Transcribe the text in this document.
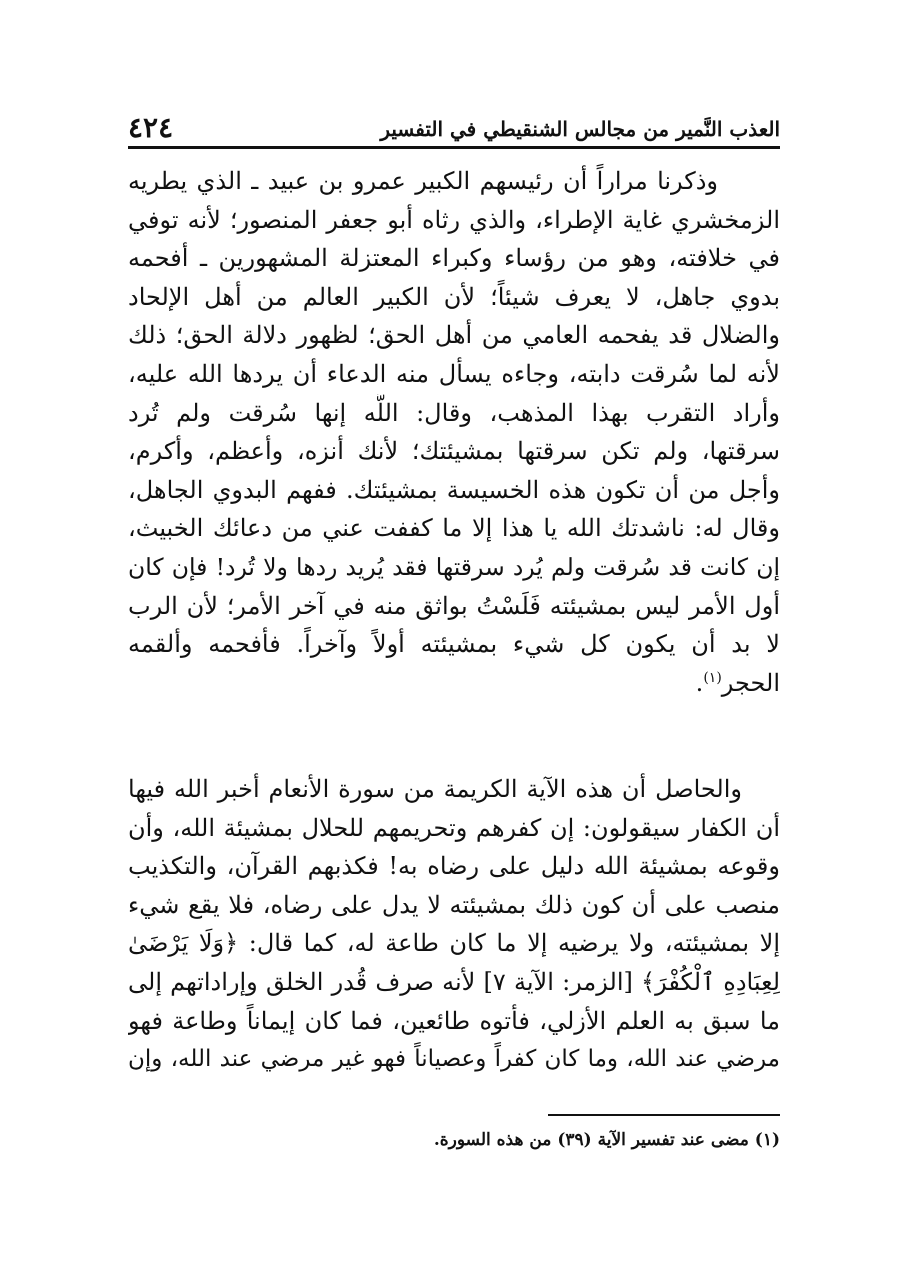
العذب النَّمير من مجالس الشنقيطي في التفسير
٤٢٤
وذكرنا مراراً أن رئيسهم الكبير عمرو بن عبيد ـ الذي يطريه
الزمخشري غاية الإطراء، والذي رثاه أبو جعفر المنصور؛ لأنه توفي
في خلافته، وهو من رؤساء وكبراء المعتزلة المشهورين ـ أفحمه
بدوي جاهل، لا يعرف شيئاً؛ لأن الكبير العالم من أهل الإلحاد
والضلال قد يفحمه العامي من أهل الحق؛ لظهور دلالة الحق؛ ذلك
لأنه لما سُرقت دابته، وجاءه يسأل منه الدعاء أن يردها الله عليه،
وأراد التقرب بهذا المذهب، وقال: اللَّه إنها سُرقت ولم تُرد
سرقتها، ولم تكن سرقتها بمشيئتك؛ لأنك أنزه، وأعظم، وأكرم،
وأجل من أن تكون هذه الخسيسة بمشيئتك. ففهم البدوي الجاهل،
وقال له: ناشدتك الله يا هذا إلا ما كففت عني من دعائك الخبيث،
إن كانت قد سُرقت ولم يُرد سرقتها فقد يُريد ردها ولا تُرد! فإن كان
أول الأمر ليس بمشيئته فَلَسْتُ بواثق منه في آخر الأمر؛ لأن الرب
لا بد أن يكون كل شيء بمشيئته أولاً وآخراً. فأفحمه وألقمه
الحجر$^{(١)}$.
والحاصل أن هذه الآية الكريمة من سورة الأنعام أخبر الله فيها
أن الكفار سيقولون: إن كفرهم وتحريمهم للحلال بمشيئة الله، وأن
وقوعه بمشيئة الله دليل على رضاه به! فكذبهم القرآن، والتكذيب
منصب على أن كون ذلك بمشيئته لا يدل على رضاه، فلا يقع شيء
إلا بمشيئته، ولا يرضيه إلا ما كان طاعة له، كما قال: ﴿وَلَا يَرْضَىٰ
لِعِبَادِهِ ٱلْكُفْرَ﴾ [الزمر: الآية ٧] لأنه صرف قُدر الخلق وإراداتهم إلى
ما سبق به العلم الأزلي، فأتوه طائعين، فما كان إيماناً وطاعة فهو
مرضي عند الله، وما كان كفراً وعصياناً فهو غير مرضي عند الله، وإن
(١) مضى عند تفسير الآية (٣٩) من هذه السورة.
